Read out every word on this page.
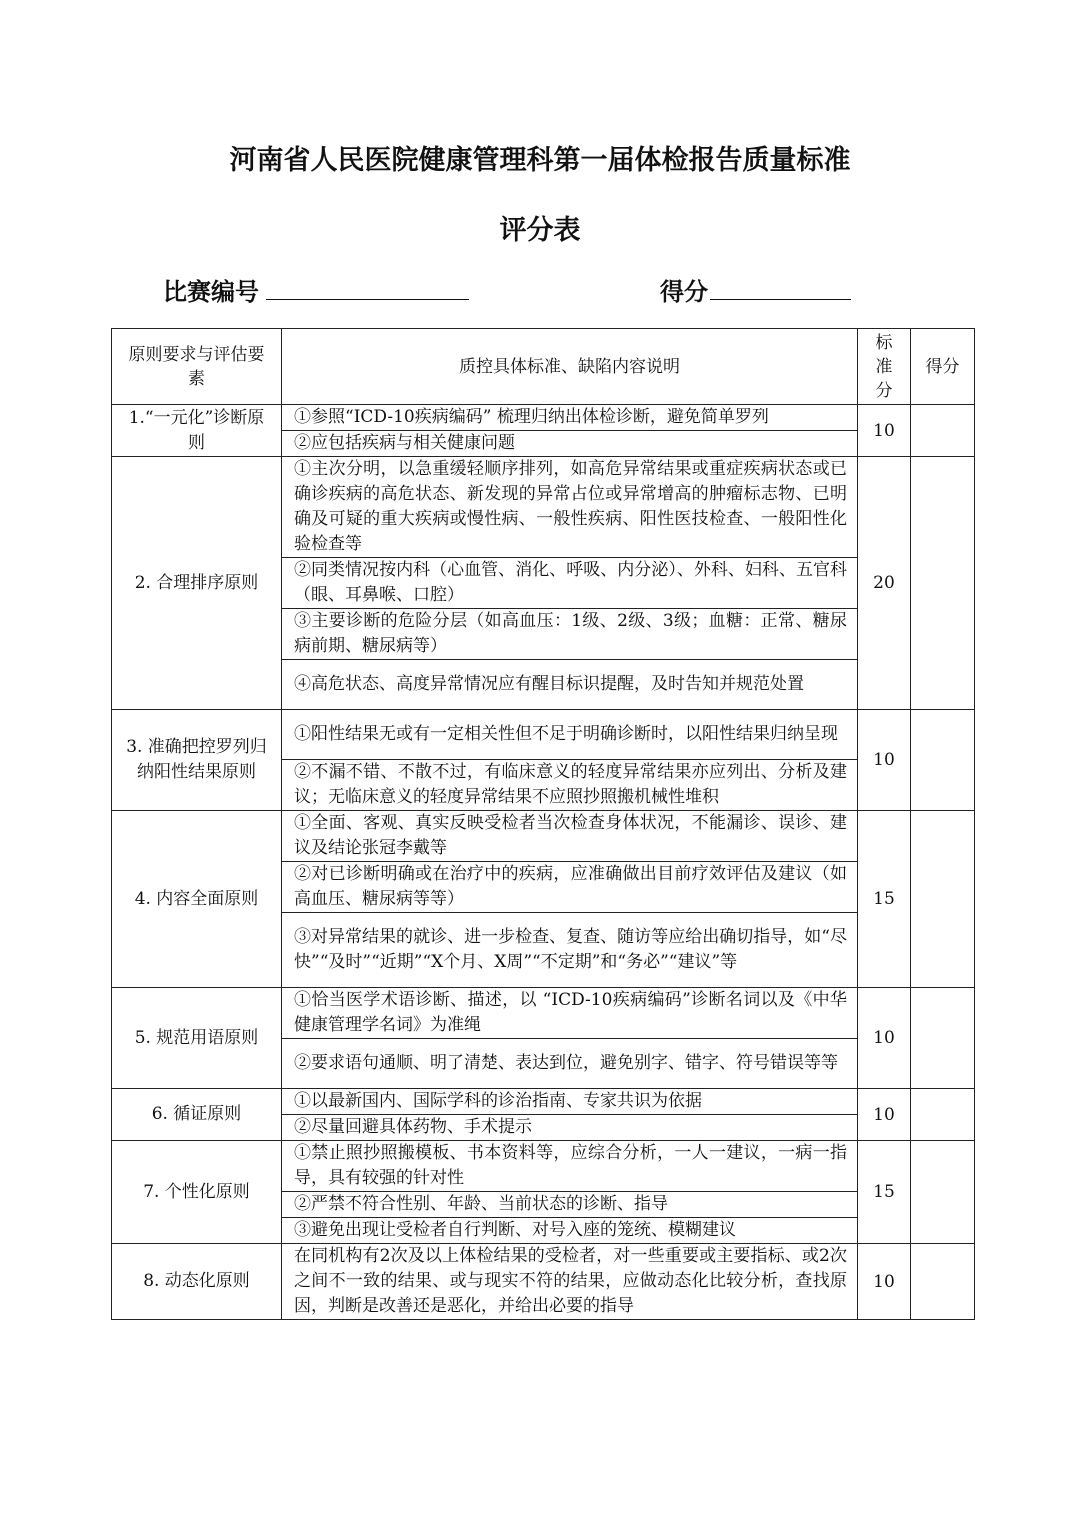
河南省人民医院健康管理科第一届体检报告质量标准
评分表
比赛编号	得分
原则要求与评估要素	质控具体标准、缺陷内容说明	标准分	得分
1.“一元化”诊断原则	①参照“ICD-10疾病编码” 梳理归纳出体检诊断，避免简单罗列	10	
	②应包括疾病与相关健康问题		
2. 合理排序原则	①主次分明，以急重缓轻顺序排列，如高危异常结果或重症疾病状态或已确诊疾病的高危状态、新发现的异常占位或异常增高的肿瘤标志物、已明确及可疑的重大疾病或慢性病、一般性疾病、阳性医技检查、一般阳性化验检查等	20	
	②同类情况按内科（心血管、消化、呼吸、内分泌）、外科、妇科、五官科（眼、耳鼻喉、口腔）		
	③主要诊断的危险分层（如高血压：1级、2级、3级；血糖：正常、糖尿病前期、糖尿病等）		
	④高危状态、高度异常情况应有醒目标识提醒，及时告知并规范处置		
3. 准确把控罗列归纳阳性结果原则	①阳性结果无或有一定相关性但不足于明确诊断时，以阳性结果归纳呈现	10	
	②不漏不错、不散不过，有临床意义的轻度异常结果亦应列出、分析及建议；无临床意义的轻度异常结果不应照抄照搬机械性堆积		
4. 内容全面原则	①全面、客观、真实反映受检者当次检查身体状况，不能漏诊、误诊、建议及结论张冠李戴等	15	
	②对已诊断明确或在治疗中的疾病，应准确做出目前疗效评估及建议（如高血压、糖尿病等等）		
	③对异常结果的就诊、进一步检查、复查、随访等应给出确切指导，如“尽快”“及时”“近期”“X个月、X周”“不定期”和“务必”“建议”等		
5. 规范用语原则	①恰当医学术语诊断、描述，以 “ICD-10疾病编码”诊断名词以及《中华健康管理学名词》为准绳	10	
	②要求语句通顺、明了清楚、表达到位，避免别字、错字、符号错误等等		
6. 循证原则	①以最新国内、国际学科的诊治指南、专家共识为依据	10	
	②尽量回避具体药物、手术提示		
7. 个性化原则	①禁止照抄照搬模板、书本资料等，应综合分析，一人一建议，一病一指导，具有较强的针对性	15	
	②严禁不符合性别、年龄、当前状态的诊断、指导		
	③避免出现让受检者自行判断、对号入座的笼统、模糊建议		
8. 动态化原则	在同机构有2次及以上体检结果的受检者，对一些重要或主要指标、或2次之间不一致的结果、或与现实不符的结果，应做动态化比较分析，查找原因，判断是改善还是恶化，并给出必要的指导	10	
